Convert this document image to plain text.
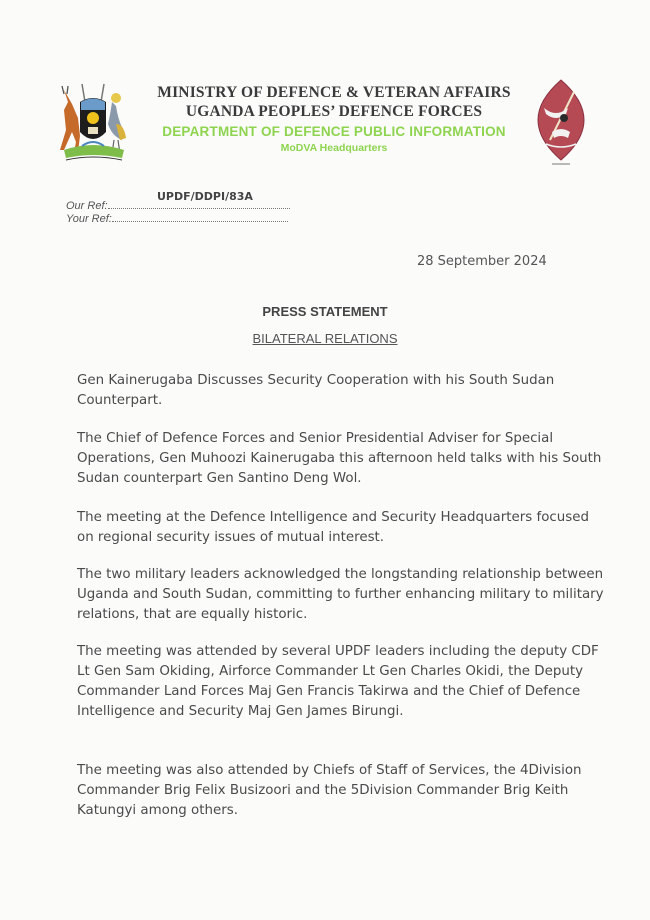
MINISTRY OF DEFENCE & VETERAN AFFAIRS
UGANDA PEOPLES’ DEFENCE FORCES
DEPARTMENT OF DEFENCE PUBLIC INFORMATION
MoDVA Headquarters
Our Ref:
UPDF/DDPI/83A
Your Ref:
28 September 2024
PRESS STATEMENT
BILATERAL RELATIONS
Gen Kainerugaba Discusses Security Cooperation with his South Sudan Counterpart.
The Chief of Defence Forces and Senior Presidential Adviser for Special Operations, Gen Muhoozi Kainerugaba this afternoon held talks with his South Sudan counterpart Gen Santino Deng Wol.
The meeting at the Defence Intelligence and Security Headquarters focused on regional security issues of mutual interest.
The two military leaders acknowledged the longstanding relationship between Uganda and South Sudan, committing to further enhancing military to military relations, that are equally historic.
The meeting was attended by several UPDF leaders including the deputy CDF Lt Gen Sam Okiding, Airforce Commander Lt Gen Charles Okidi, the Deputy Commander Land Forces Maj Gen Francis Takirwa and the Chief of Defence Intelligence and Security Maj Gen James Birungi.
The meeting was also attended by Chiefs of Staff of Services, the 4Division Commander Brig Felix Busizoori and the 5Division Commander Brig Keith Katungyi among others.
